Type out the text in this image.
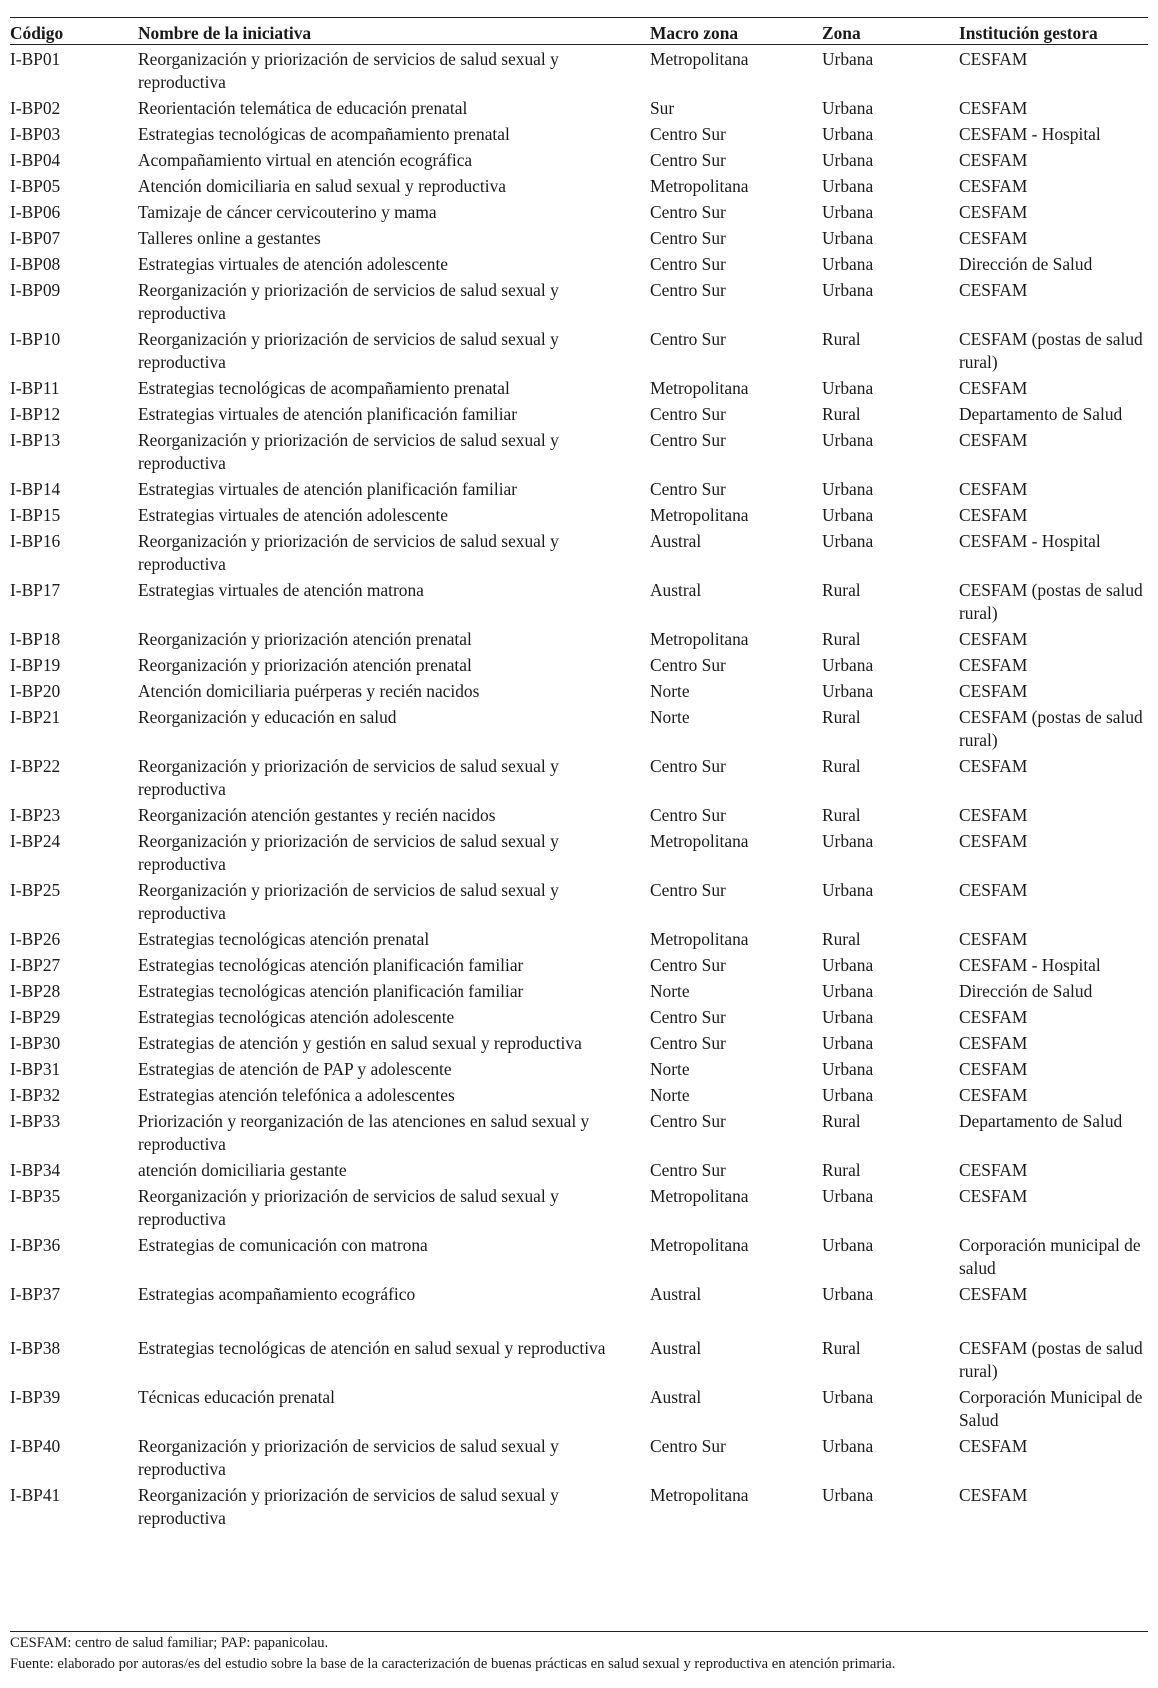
Código	Nombre de la iniciativa	Macro zona	Zona	Institución gestora
I-BP01	Reorganización y priorización de servicios de salud sexual y reproductiva	Metropolitana	Urbana	CESFAM
I-BP02	Reorientación telemática de educación prenatal	Sur	Urbana	CESFAM
I-BP03	Estrategias tecnológicas de acompañamiento prenatal	Centro Sur	Urbana	CESFAM - Hospital
I-BP04	Acompañamiento virtual en atención ecográfica	Centro Sur	Urbana	CESFAM
I-BP05	Atención domiciliaria en salud sexual y reproductiva	Metropolitana	Urbana	CESFAM
I-BP06	Tamizaje de cáncer cervicouterino y mama	Centro Sur	Urbana	CESFAM
I-BP07	Talleres online a gestantes	Centro Sur	Urbana	CESFAM
I-BP08	Estrategias virtuales de atención adolescente	Centro Sur	Urbana	Dirección de Salud
I-BP09	Reorganización y priorización de servicios de salud sexual y reproductiva	Centro Sur	Urbana	CESFAM
I-BP10	Reorganización y priorización de servicios de salud sexual y reproductiva	Centro Sur	Rural	CESFAM (postas de salud rural)
I-BP11	Estrategias tecnológicas de acompañamiento prenatal	Metropolitana	Urbana	CESFAM
I-BP12	Estrategias virtuales de atención planificación familiar	Centro Sur	Rural	Departamento de Salud
I-BP13	Reorganización y priorización de servicios de salud sexual y reproductiva	Centro Sur	Urbana	CESFAM
I-BP14	Estrategias virtuales de atención planificación familiar	Centro Sur	Urbana	CESFAM
I-BP15	Estrategias virtuales de atención adolescente	Metropolitana	Urbana	CESFAM
I-BP16	Reorganización y priorización de servicios de salud sexual y reproductiva	Austral	Urbana	CESFAM - Hospital
I-BP17	Estrategias virtuales de atención matrona	Austral	Rural	CESFAM (postas de salud rural)
I-BP18	Reorganización y priorización atención prenatal	Metropolitana	Rural	CESFAM
I-BP19	Reorganización y priorización atención prenatal	Centro Sur	Urbana	CESFAM
I-BP20	Atención domiciliaria puérperas y recién nacidos	Norte	Urbana	CESFAM
I-BP21	Reorganización y educación en salud	Norte	Rural	CESFAM (postas de salud rural)
I-BP22	Reorganización y priorización de servicios de salud sexual y reproductiva	Centro Sur	Rural	CESFAM
I-BP23	Reorganización atención gestantes y recién nacidos	Centro Sur	Rural	CESFAM
I-BP24	Reorganización y priorización de servicios de salud sexual y reproductiva	Metropolitana	Urbana	CESFAM
I-BP25	Reorganización y priorización de servicios de salud sexual y reproductiva	Centro Sur	Urbana	CESFAM
I-BP26	Estrategias tecnológicas atención prenatal	Metropolitana	Rural	CESFAM
I-BP27	Estrategias tecnológicas atención planificación familiar	Centro Sur	Urbana	CESFAM - Hospital
I-BP28	Estrategias tecnológicas atención planificación familiar	Norte	Urbana	Dirección de Salud
I-BP29	Estrategias tecnológicas atención adolescente	Centro Sur	Urbana	CESFAM
I-BP30	Estrategias de atención y gestión en salud sexual y reproductiva	Centro Sur	Urbana	CESFAM
I-BP31	Estrategias de atención de PAP y adolescente	Norte	Urbana	CESFAM
I-BP32	Estrategias atención telefónica a adolescentes	Norte	Urbana	CESFAM
I-BP33	Priorización y reorganización de las atenciones en salud sexual y reproductiva	Centro Sur	Rural	Departamento de Salud
I-BP34	atención domiciliaria gestante	Centro Sur	Rural	CESFAM
I-BP35	Reorganización y priorización de servicios de salud sexual y reproductiva	Metropolitana	Urbana	CESFAM
I-BP36	Estrategias de comunicación con matrona	Metropolitana	Urbana	Corporación municipal de salud
I-BP37	Estrategias acompañamiento ecográfico	Austral	Urbana	CESFAM

I-BP38	Estrategias tecnológicas de atención en salud sexual y reproductiva	Austral	Rural	CESFAM (postas de salud rural)
I-BP39	Técnicas educación prenatal	Austral	Urbana	Corporación Municipal de Salud
I-BP40	Reorganización y priorización de servicios de salud sexual y reproductiva	Centro Sur	Urbana	CESFAM
I-BP41	Reorganización y priorización de servicios de salud sexual y reproductiva	Metropolitana	Urbana	CESFAM
CESFAM: centro de salud familiar; PAP: papanicolau.
Fuente: elaborado por autoras/es del estudio sobre la base de la caracterización de buenas prácticas en salud sexual y reproductiva en atención primaria.
